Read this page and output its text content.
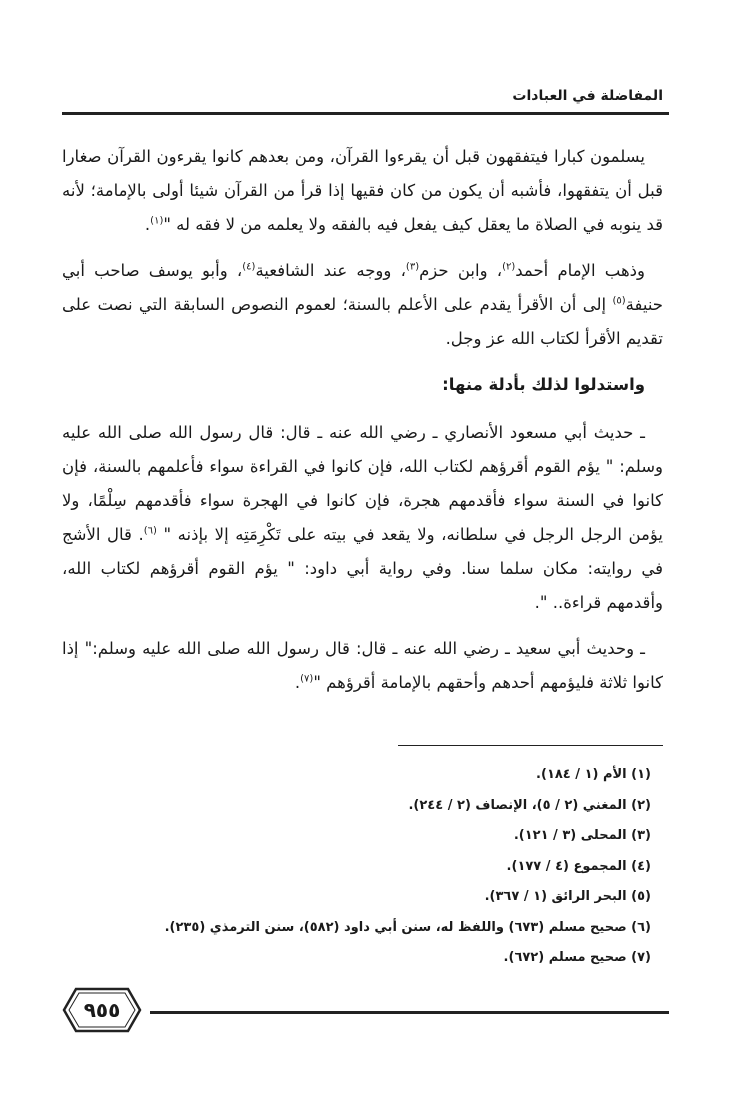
المفاضلة في العبادات

يسلمون كبارا فيتفقهون قبل أن يقرءوا القرآن، ومن بعدهم كانوا يقرءون القرآن صغارا قبل أن يتفقهوا، فأشبه أن يكون من كان فقيها إذا قرأ من القرآن شيئا أولى بالإمامة؛ لأنه قد ينوبه في الصلاة ما يعقل كيف يفعل فيه بالفقه ولا يعلمه من لا فقه له "$^{(١)}$.

وذهب الإمام أحمد$^{(٢)}$، وابن حزم$^{(٣)}$، ووجه عند الشافعية$^{(٤)}$، وأبو يوسف صاحب أبي حنيفة$^{(٥)}$ إلى أن الأقرأ يقدم على الأعلم بالسنة؛ لعموم النصوص السابقة التي نصت على تقديم الأقرأ لكتاب الله عز وجل.

واستدلوا لذلك بأدلة منها:

ـ حديث أبي مسعود الأنصاري ـ رضي الله عنه ـ قال: قال رسول الله صلى الله عليه وسلم: " يؤم القوم أقرؤهم لكتاب الله، فإن كانوا في القراءة سواء فأعلمهم بالسنة، فإن كانوا في السنة سواء فأقدمهم هجرة، فإن كانوا في الهجرة سواء فأقدمهم سِلْمًا، ولا يؤمن الرجل الرجل في سلطانه، ولا يقعد في بيته على تَكْرِمَتِه إلا بإذنه " $^{(٦)}$. قال الأشج في روايته: مكان سلما سنا. وفي رواية أبي داود: " يؤم القوم أقرؤهم لكتاب الله، وأقدمهم قراءة.. ".

ـ وحديث أبي سعيد ـ رضي الله عنه ـ قال: قال رسول الله صلى الله عليه وسلم:" إذا كانوا ثلاثة فليؤمهم أحدهم وأحقهم بالإمامة أقرؤهم "$^{(٧)}$.

(١) الأم (١ / ١٨٤).
(٢) المغني (٢ / ٥)، الإنصاف (٢ / ٢٤٤).
(٣) المحلى (٣ / ١٢١).
(٤) المجموع (٤ / ١٧٧).
(٥) البحر الرائق (١ / ٣٦٧).
(٦) صحيح مسلم (٦٧٣) واللفظ له، سنن أبي داود (٥٨٢)، سنن الترمذي (٢٣٥).
(٧) صحيح مسلم (٦٧٢).
٩٥٥
